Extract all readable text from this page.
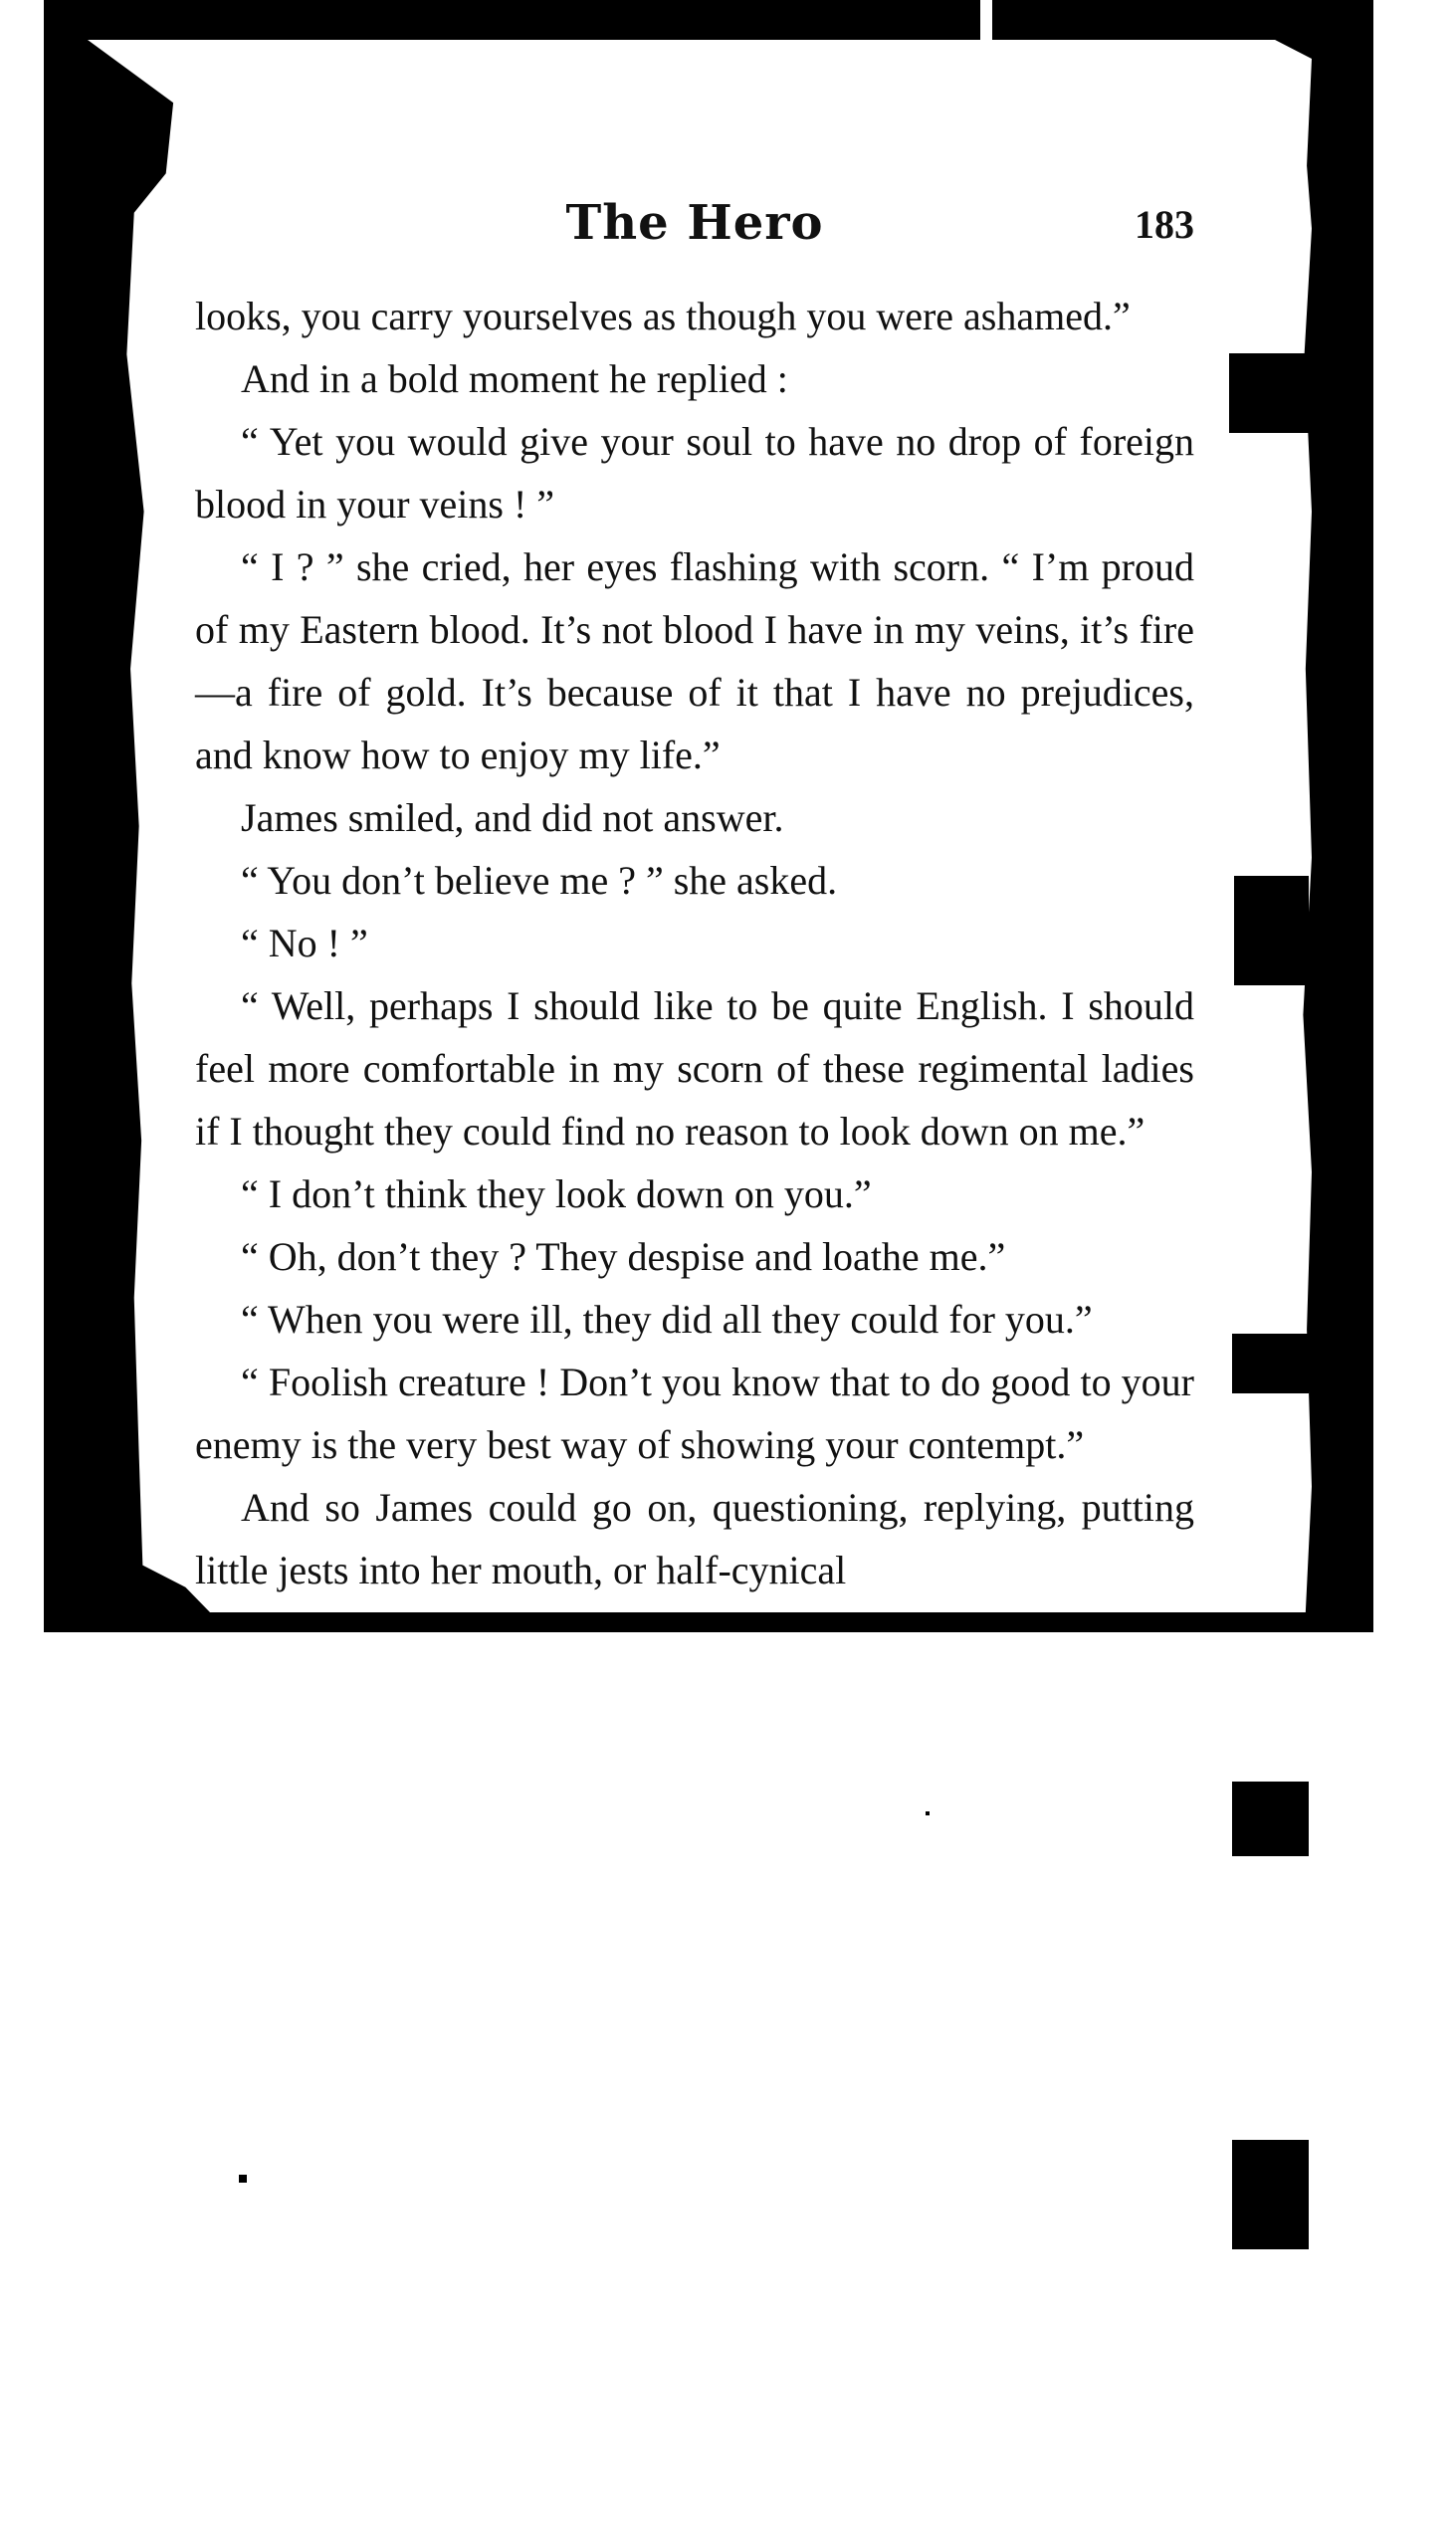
The Hero	183

looks, you carry yourselves as though you were ashamed.”

And in a bold moment he replied :

“ Yet you would give your soul to have no drop of foreign blood in your veins ! ”

“ I ? ” she cried, her eyes flashing with scorn. “ I’m proud of my Eastern blood. It’s not blood I have in my veins, it’s fire—a fire of gold. It’s because of it that I have no prejudices, and know how to enjoy my life.”

James smiled, and did not answer.

“ You don’t believe me ? ” she asked.

“ No ! ”

“ Well, perhaps I should like to be quite English. I should feel more comfortable in my scorn of these regimental ladies if I thought they could find no reason to look down on me.”

“ I don’t think they look down on you.”

“ Oh, don’t they ? They despise and loathe me.”

“ When you were ill, they did all they could for you.”

“ Foolish creature ! Don’t you know that to do good to your enemy is the very best way of showing your contempt.”

And so James could go on, questioning, replying, putting little jests into her mouth, or half-cynical
